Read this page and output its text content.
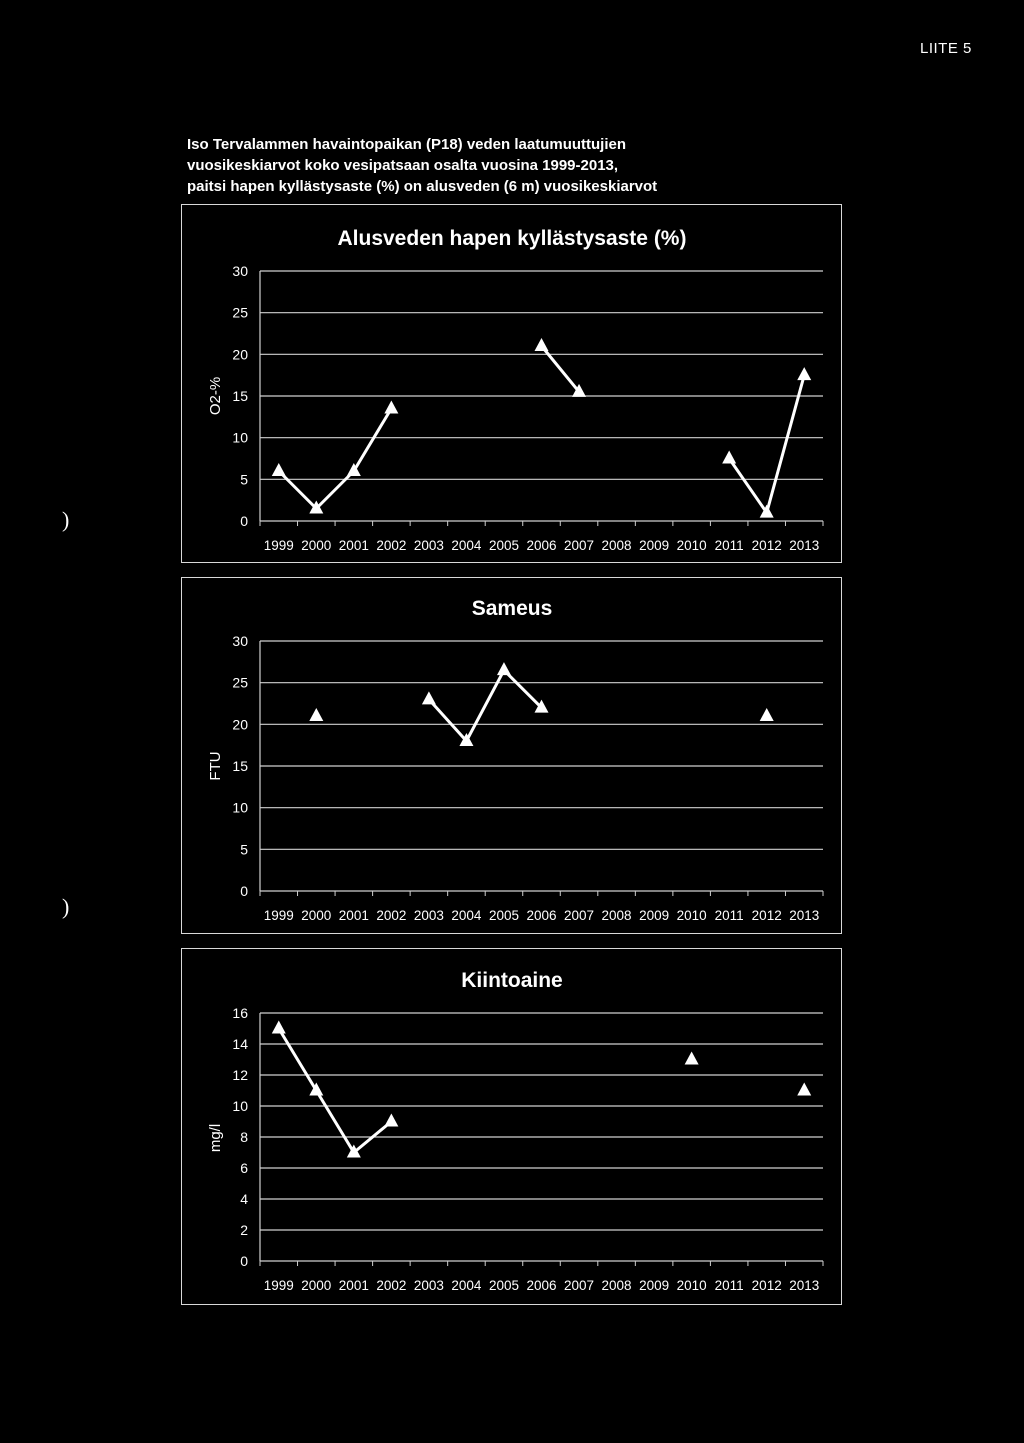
LIITE 5
Iso Tervalammen havaintopaikan (P18) veden laatumuuttujien
vuosikeskiarvot koko vesipatsaan osalta vuosina 1999-2013,
paitsi hapen kyllästysaste (%) on alusveden (6 m) vuosikeskiarvot
)
)
Alusveden hapen kyllästysaste (%)
O2-%
0
5
10
15
20
25
30
1999 2000 2001 2002 2003 2004 2005 2006 2007 2008 2009 2010 2011 2012 2013
Sameus
FTU
0
5
10
15
20
25
30
1999 2000 2001 2002 2003 2004 2005 2006 2007 2008 2009 2010 2011 2012 2013
Kiintoaine
mg/l
0
2
4
6
8
10
12
14
16
1999 2000 2001 2002 2003 2004 2005 2006 2007 2008 2009 2010 2011 2012 2013
